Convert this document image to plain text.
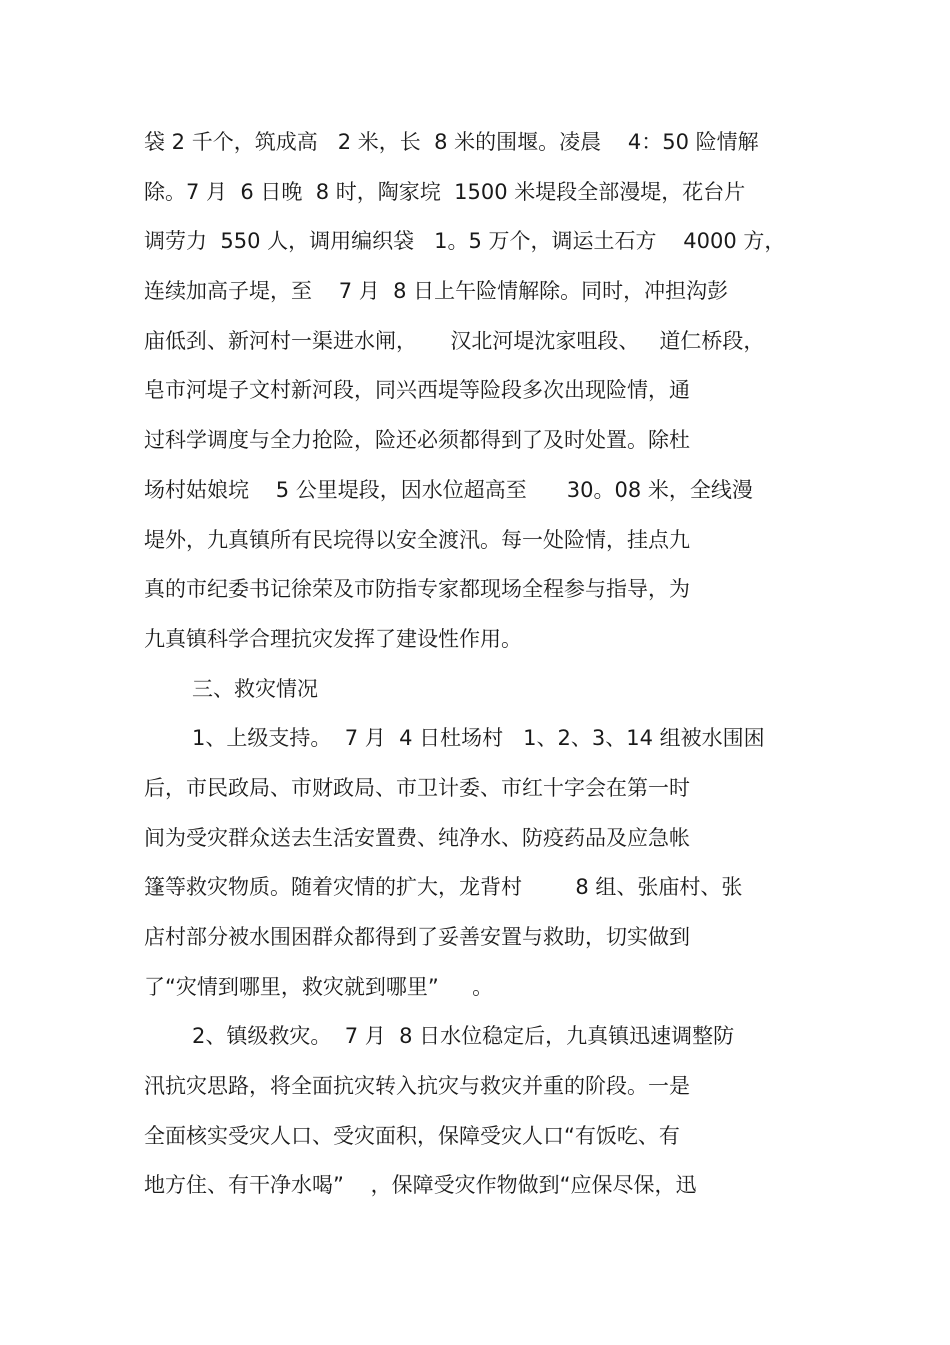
袋 2 千个，筑成高   2 米，长  8 米的围堰。凌晨    4：50 险情解

除。7 月  6 日晚  8 时，陶家垸  1500 米堤段全部漫堤，花台片

调劳力  550 人，调用编织袋   1。5 万个，调运土石方    4000 方，

连续加高子堤，至    7 月  8 日上午险情解除。同时，冲担沟彭

庙低刭、新河村一渠进水闸，     汉北河堤沈家咀段、   道仁桥段，

皂市河堤子文村新河段，同兴西堤等险段多次出现险情，通

过科学调度与全力抢险，险还必须都得到了及时处置。除杜

场村姑娘垸    5 公里堤段，因水位超高至      30。08 米，全线漫

堤外，九真镇所有民垸得以安全渡汛。每一处险情，挂点九

真的市纪委书记徐荣及市防指专家都现场全程参与指导，为

九真镇科学合理抗灾发挥了建设性作用。

三、救灾情况

1、上级支持。  7 月  4 日杜场村   1、2、3、14 组被水围困

后，市民政局、市财政局、市卫计委、市红十字会在第一时

间为受灾群众送去生活安置费、纯净水、防疫药品及应急帐

篷等救灾物质。随着灾情的扩大，龙背村        8 组、张庙村、张

店村部分被水围困群众都得到了妥善安置与救助，切实做到

了“灾情到哪里，救灾就到哪里”     。

2、镇级救灾。  7 月  8 日水位稳定后，九真镇迅速调整防

汛抗灾思路，将全面抗灾转入抗灾与救灾并重的阶段。一是

全面核实受灾人口、受灾面积，保障受灾人口“有饭吃、有

地方住、有干净水喝”    ，保障受灾作物做到“应保尽保，迅
